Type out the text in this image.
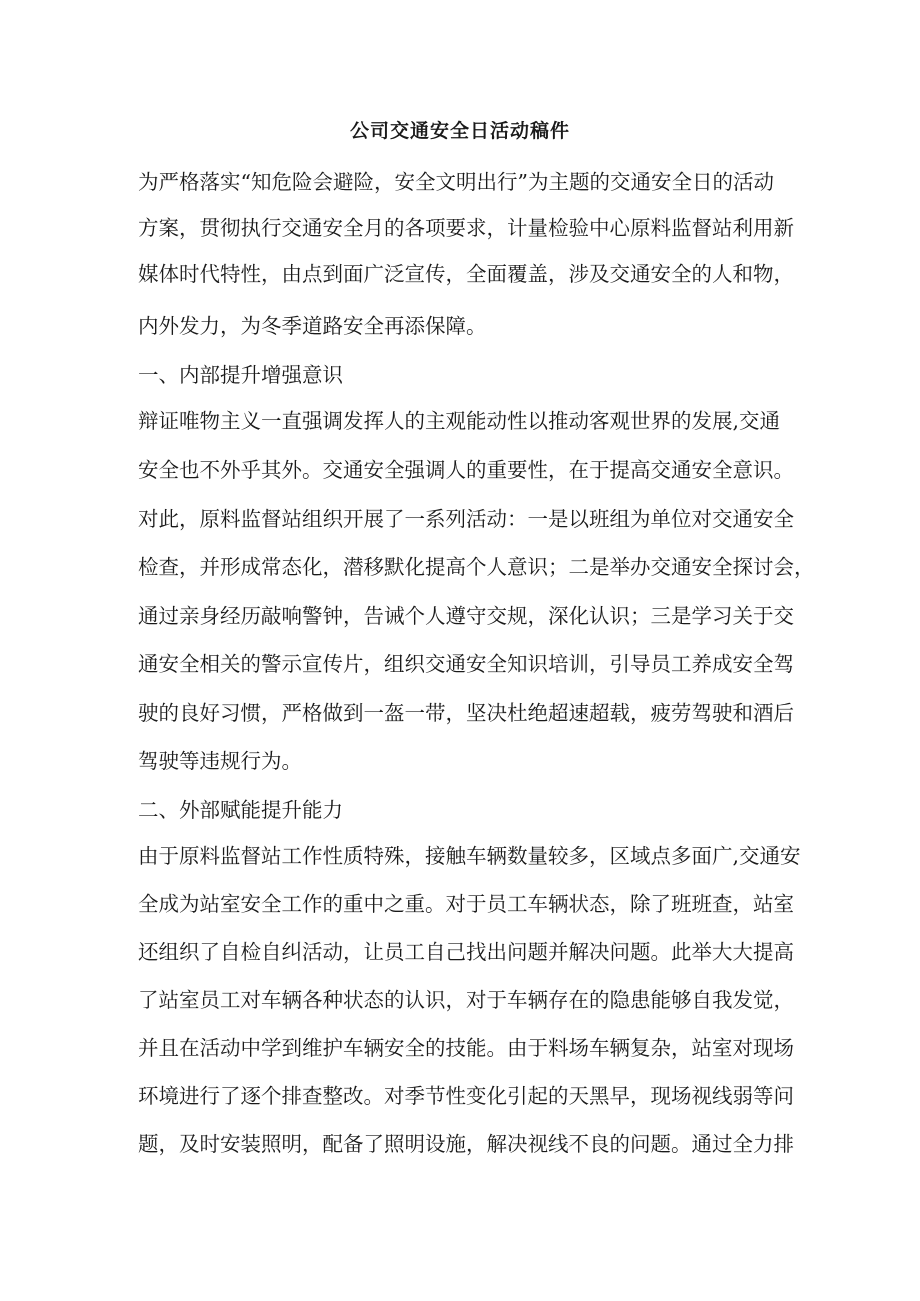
公司交通安全日活动稿件

为严格落实“知危险会避险，安全文明出行”为主题的交通安全日的活动

方案，贯彻执行交通安全月的各项要求，计量检验中心原料监督站利用新

媒体时代特性，由点到面广泛宣传，全面覆盖，涉及交通安全的人和物，

内外发力，为冬季道路安全再添保障。

一、内部提升增强意识

辩证唯物主义一直强调发挥人的主观能动性以推动客观世界的发展,交通

安全也不外乎其外。交通安全强调人的重要性，在于提高交通安全意识。

对此，原料监督站组织开展了一系列活动：一是以班组为单位对交通安全

检查，并形成常态化，潜移默化提高个人意识；二是举办交通安全探讨会，

通过亲身经历敲响警钟，告诫个人遵守交规，深化认识；三是学习关于交

通安全相关的警示宣传片，组织交通安全知识培训，引导员工养成安全驾

驶的良好习惯，严格做到一盔一带，坚决杜绝超速超载，疲劳驾驶和酒后

驾驶等违规行为。

二、外部赋能提升能力

由于原料监督站工作性质特殊，接触车辆数量较多，区域点多面广,交通安

全成为站室安全工作的重中之重。对于员工车辆状态，除了班班查，站室

还组织了自检自纠活动，让员工自己找出问题并解决问题。此举大大提高

了站室员工对车辆各种状态的认识，对于车辆存在的隐患能够自我发觉，

并且在活动中学到维护车辆安全的技能。由于料场车辆复杂，站室对现场

环境进行了逐个排查整改。对季节性变化引起的天黑早，现场视线弱等问

题，及时安装照明，配备了照明设施，解决视线不良的问题。通过全力排
